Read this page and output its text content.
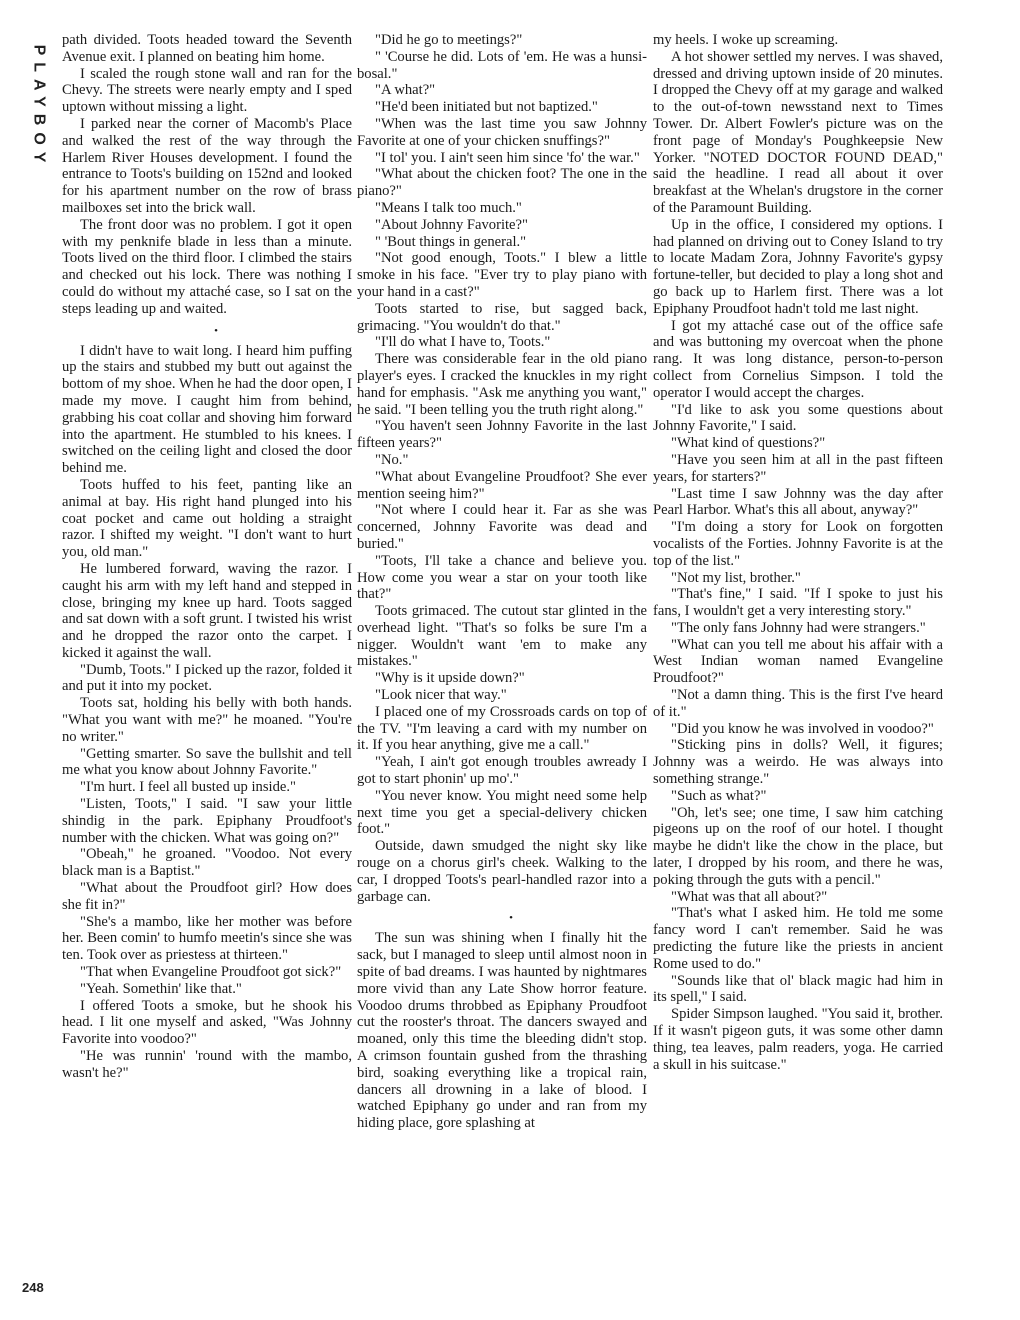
PLAYBOY

path divided. Toots headed toward the Seventh Avenue exit. I planned on beating him home.

I scaled the rough stone wall and ran for the Chevy. The streets were nearly empty and I sped uptown without missing a light.

I parked near the corner of Macomb's Place and walked the rest of the way through the Harlem River Houses development. I found the entrance to Toots's building on 152nd and looked for his apartment number on the row of brass mailboxes set into the brick wall.

The front door was no problem. I got it open with my penknife blade in less than a minute. Toots lived on the third floor. I climbed the stairs and checked out his lock. There was nothing I could do without my attaché case, so I sat on the steps leading up and waited.

•

I didn't have to wait long. I heard him puffing up the stairs and stubbed my butt out against the bottom of my shoe. When he had the door open, I made my move. I caught him from behind, grabbing his coat collar and shoving him forward into the apartment. He stumbled to his knees. I switched on the ceiling light and closed the door behind me.

Toots huffed to his feet, panting like an animal at bay. His right hand plunged into his coat pocket and came out holding a straight razor. I shifted my weight. "I don't want to hurt you, old man."

He lumbered forward, waving the razor. I caught his arm with my left hand and stepped in close, bringing my knee up hard. Toots sagged and sat down with a soft grunt. I twisted his wrist and he dropped the razor onto the carpet. I kicked it against the wall.

"Dumb, Toots." I picked up the razor, folded it and put it into my pocket.

Toots sat, holding his belly with both hands. "What you want with me?" he moaned. "You're no writer."

"Getting smarter. So save the bullshit and tell me what you know about Johnny Favorite."

"I'm hurt. I feel all busted up inside."

"Listen, Toots," I said. "I saw your little shindig in the park. Epiphany Proudfoot's number with the chicken. What was going on?"

"Obeah," he groaned. "Voodoo. Not every black man is a Baptist."

"What about the Proudfoot girl? How does she fit in?"

"She's a mambo, like her mother was before her. Been comin' to humfo meetin's since she was ten. Took over as priestess at thirteen."

"That when Evangeline Proudfoot got sick?"

"Yeah. Somethin' like that."

I offered Toots a smoke, but he shook his head. I lit one myself and asked, "Was Johnny Favorite into voodoo?"

"He was runnin' 'round with the mambo, wasn't he?"

"Did he go to meetings?"

" 'Course he did. Lots of 'em. He was a hunsi-bosal."

"A what?"

"He'd been initiated but not baptized."

"When was the last time you saw Johnny Favorite at one of your chicken snuffings?"

"I tol' you. I ain't seen him since 'fo' the war."

"What about the chicken foot? The one in the piano?"

"Means I talk too much."

"About Johnny Favorite?"

" 'Bout things in general."

"Not good enough, Toots." I blew a little smoke in his face. "Ever try to play piano with your hand in a cast?"

Toots started to rise, but sagged back, grimacing. "You wouldn't do that."

"I'll do what I have to, Toots."

There was considerable fear in the old piano player's eyes. I cracked the knuckles in my right hand for emphasis. "Ask me anything you want," he said. "I been telling you the truth right along."

"You haven't seen Johnny Favorite in the last fifteen years?"

"No."

"What about Evangeline Proudfoot? She ever mention seeing him?"

"Not where I could hear it. Far as she was concerned, Johnny Favorite was dead and buried."

"Toots, I'll take a chance and believe you. How come you wear a star on your tooth like that?"

Toots grimaced. The cutout star glinted in the overhead light. "That's so folks be sure I'm a nigger. Wouldn't want 'em to make any mistakes."

"Why is it upside down?"

"Look nicer that way."

I placed one of my Crossroads cards on top of the TV. "I'm leaving a card with my number on it. If you hear anything, give me a call."

"Yeah, I ain't got enough troubles awready I got to start phonin' up mo'."

"You never know. You might need some help next time you get a special-delivery chicken foot."

Outside, dawn smudged the night sky like rouge on a chorus girl's cheek. Walking to the car, I dropped Toots's pearl-handled razor into a garbage can.

•

The sun was shining when I finally hit the sack, but I managed to sleep until almost noon in spite of bad dreams. I was haunted by nightmares more vivid than any Late Show horror feature. Voodoo drums throbbed as Epiphany Proudfoot cut the rooster's throat. The dancers swayed and moaned, only this time the bleeding didn't stop. A crimson fountain gushed from the thrashing bird, soaking everything like a tropical rain, dancers all drowning in a lake of blood. I watched Epiphany go under and ran from my hiding place, gore splashing at

my heels. I woke up screaming.

A hot shower settled my nerves. I was shaved, dressed and driving uptown inside of 20 minutes. I dropped the Chevy off at my garage and walked to the out-of-town newsstand next to Times Tower. Dr. Albert Fowler's picture was on the front page of Monday's Poughkeepsie New Yorker. "NOTED DOCTOR FOUND DEAD," said the headline. I read all about it over breakfast at the Whelan's drugstore in the corner of the Paramount Building.

Up in the office, I considered my options. I had planned on driving out to Coney Island to try to locate Madam Zora, Johnny Favorite's gypsy fortune-teller, but decided to play a long shot and go back up to Harlem first. There was a lot Epiphany Proudfoot hadn't told me last night.

I got my attaché case out of the office safe and was buttoning my overcoat when the phone rang. It was long distance, person-to-person collect from Cornelius Simpson. I told the operator I would accept the charges.

"I'd like to ask you some questions about Johnny Favorite," I said.

"What kind of questions?"

"Have you seen him at all in the past fifteen years, for starters?"

"Last time I saw Johnny was the day after Pearl Harbor. What's this all about, anyway?"

"I'm doing a story for Look on forgotten vocalists of the Forties. Johnny Favorite is at the top of the list."

"Not my list, brother."

"That's fine," I said. "If I spoke to just his fans, I wouldn't get a very interesting story."

"The only fans Johnny had were strangers."

"What can you tell me about his affair with a West Indian woman named Evangeline Proudfoot?"

"Not a damn thing. This is the first I've heard of it."

"Did you know he was involved in voodoo?"

"Sticking pins in dolls? Well, it figures; Johnny was a weirdo. He was always into something strange."

"Such as what?"

"Oh, let's see; one time, I saw him catching pigeons up on the roof of our hotel. I thought maybe he didn't like the chow in the place, but later, I dropped by his room, and there he was, poking through the guts with a pencil."

"What was that all about?"

"That's what I asked him. He told me some fancy word I can't remember. Said he was predicting the future like the priests in ancient Rome used to do."

"Sounds like that ol' black magic had him in its spell," I said.

Spider Simpson laughed. "You said it, brother. If it wasn't pigeon guts, it was some other damn thing, tea leaves, palm readers, yoga. He carried a skull in his suitcase."

248
